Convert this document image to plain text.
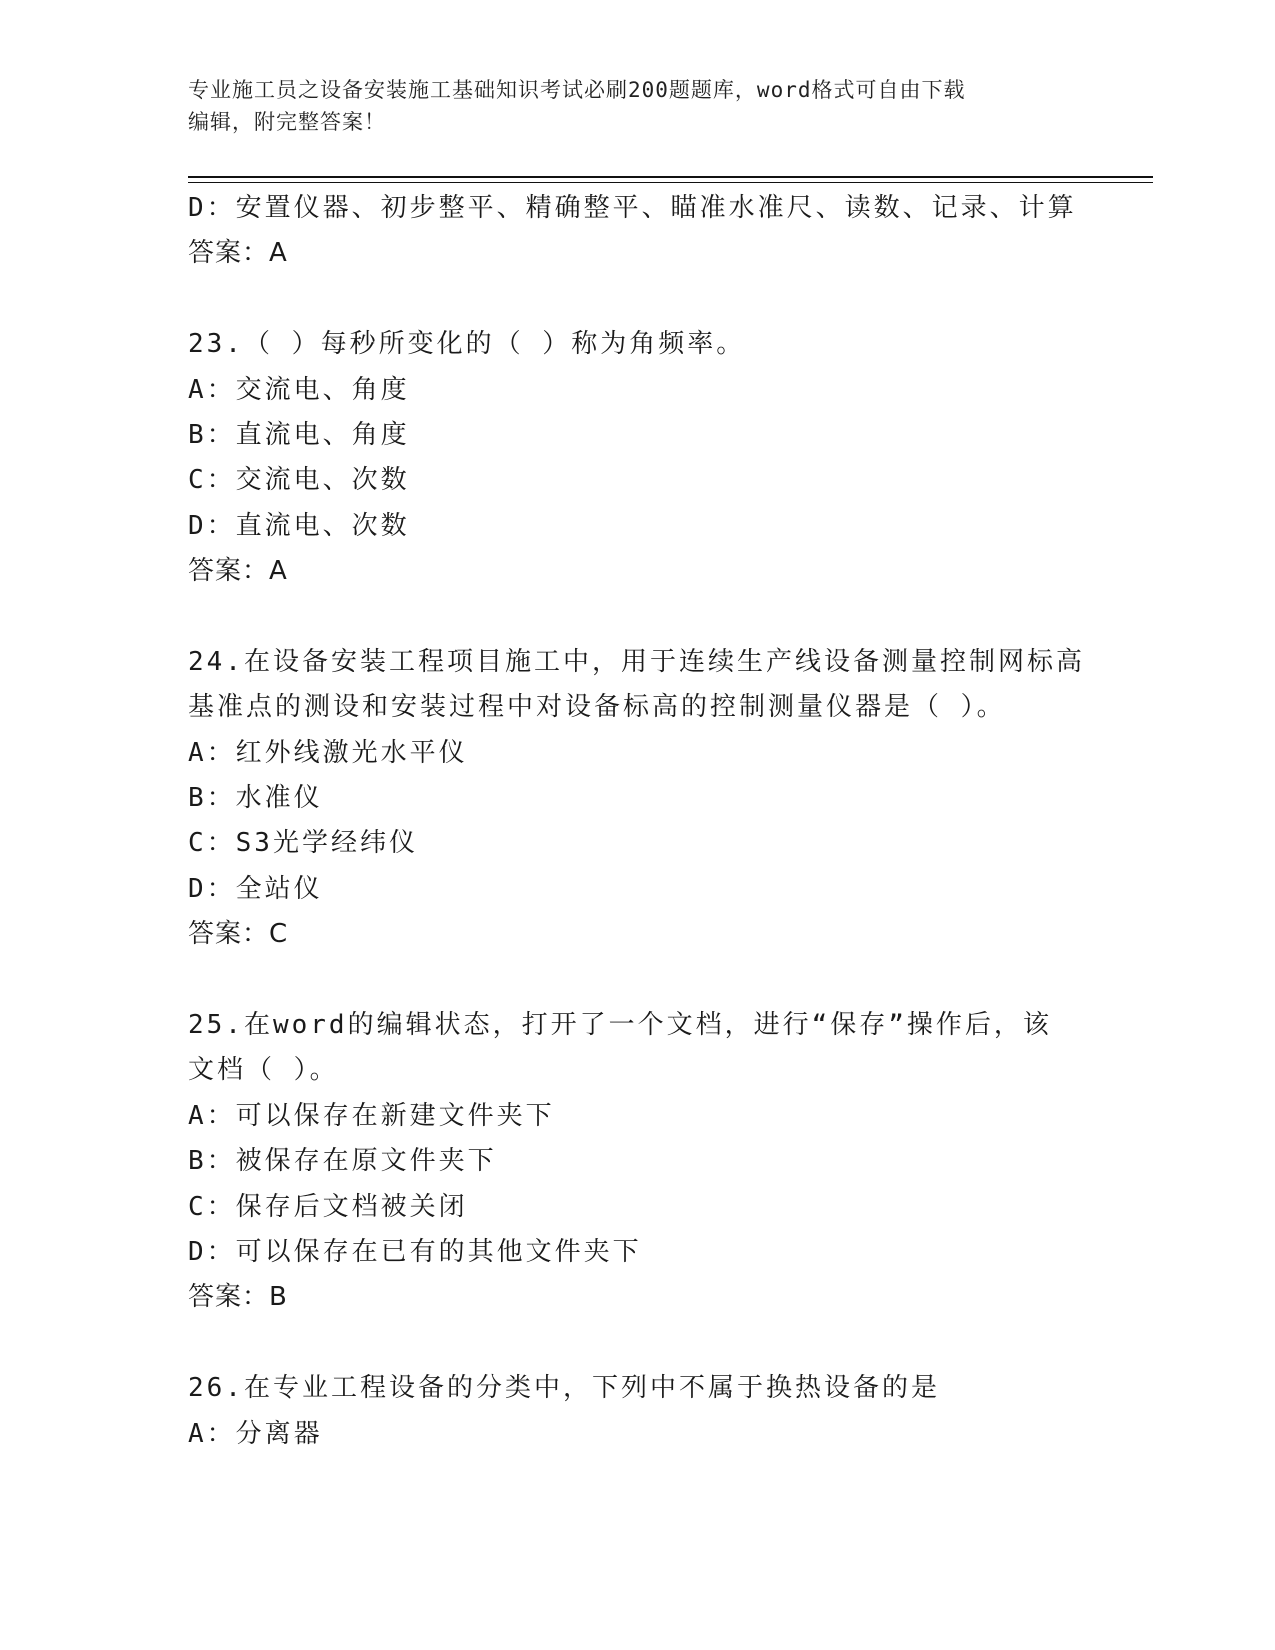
专业施工员之设备安装施工基础知识考试必刷200题题库，word格式可自由下载
编辑，附完整答案！
D：安置仪器、初步整平、精确整平、瞄准水准尺、读数、记录、计算
答案：A
23.（ ）每秒所变化的（ ）称为角频率。
A：交流电、角度
B：直流电、角度
C：交流电、次数
D：直流电、次数
答案：A
24.在设备安装工程项目施工中，用于连续生产线设备测量控制网标高
基准点的测设和安装过程中对设备标高的控制测量仪器是（ ）。
A：红外线激光水平仪
B：水准仪
C：S3光学经纬仪
D：全站仪
答案：C
25.在word的编辑状态，打开了一个文档，进行“保存”操作后，该
文档（ ）。
A：可以保存在新建文件夹下
B：被保存在原文件夹下
C：保存后文档被关闭
D：可以保存在已有的其他文件夹下
答案：B
26.在专业工程设备的分类中，下列中不属于换热设备的是
A：分离器
